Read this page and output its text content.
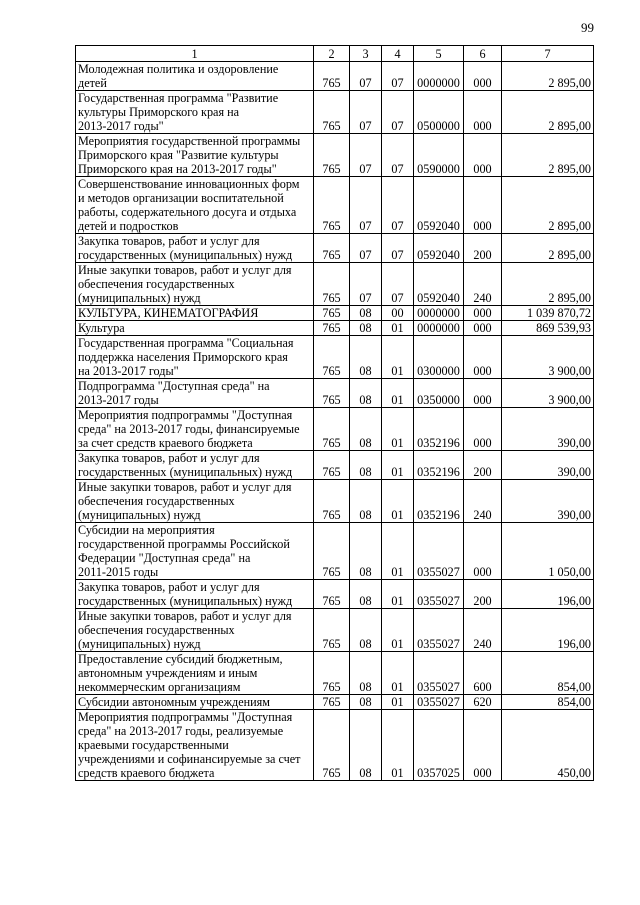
99
1	2	3	4	5	6	7
Молодежная политика и оздоровление
детей	765	07	07	0000000	000	2 895,00
Государственная программа "Развитие
культуры Приморского края на
2013-2017 годы"	765	07	07	0500000	000	2 895,00
Мероприятия государственной программы
Приморского края "Развитие культуры
Приморского края на 2013-2017 годы"	765	07	07	0590000	000	2 895,00
Совершенствование инновационных форм
и методов организации воспитательной
работы, содержательного досуга и отдыха
детей и подростков	765	07	07	0592040	000	2 895,00
Закупка товаров, работ и услуг для
государственных (муниципальных) нужд	765	07	07	0592040	200	2 895,00
Иные закупки товаров, работ и услуг для
обеспечения государственных
(муниципальных) нужд	765	07	07	0592040	240	2 895,00
КУЛЬТУРА, КИНЕМАТОГРАФИЯ	765	08	00	0000000	000	1 039 870,72
Культура	765	08	01	0000000	000	869 539,93
Государственная программа "Социальная
поддержка населения Приморского края
на 2013-2017 годы"	765	08	01	0300000	000	3 900,00
Подпрограмма "Доступная среда" на
2013-2017 годы	765	08	01	0350000	000	3 900,00
Мероприятия подпрограммы "Доступная
среда" на 2013-2017 годы, финансируемые
за счет средств краевого бюджета	765	08	01	0352196	000	390,00
Закупка товаров, работ и услуг для
государственных (муниципальных) нужд	765	08	01	0352196	200	390,00
Иные закупки товаров, работ и услуг для
обеспечения государственных
(муниципальных) нужд	765	08	01	0352196	240	390,00
Субсидии на мероприятия
государственной программы Российской
Федерации "Доступная среда" на
2011-2015 годы	765	08	01	0355027	000	1 050,00
Закупка товаров, работ и услуг для
государственных (муниципальных) нужд	765	08	01	0355027	200	196,00
Иные закупки товаров, работ и услуг для
обеспечения государственных
(муниципальных) нужд	765	08	01	0355027	240	196,00
Предоставление субсидий бюджетным,
автономным учреждениям и иным
некоммерческим организациям	765	08	01	0355027	600	854,00
Субсидии автономным учреждениям	765	08	01	0355027	620	854,00
Мероприятия подпрограммы "Доступная
среда" на 2013-2017 годы, реализуемые
краевыми государственными
учреждениями и софинансируемые за счет
средств краевого бюджета	765	08	01	0357025	000	450,00
